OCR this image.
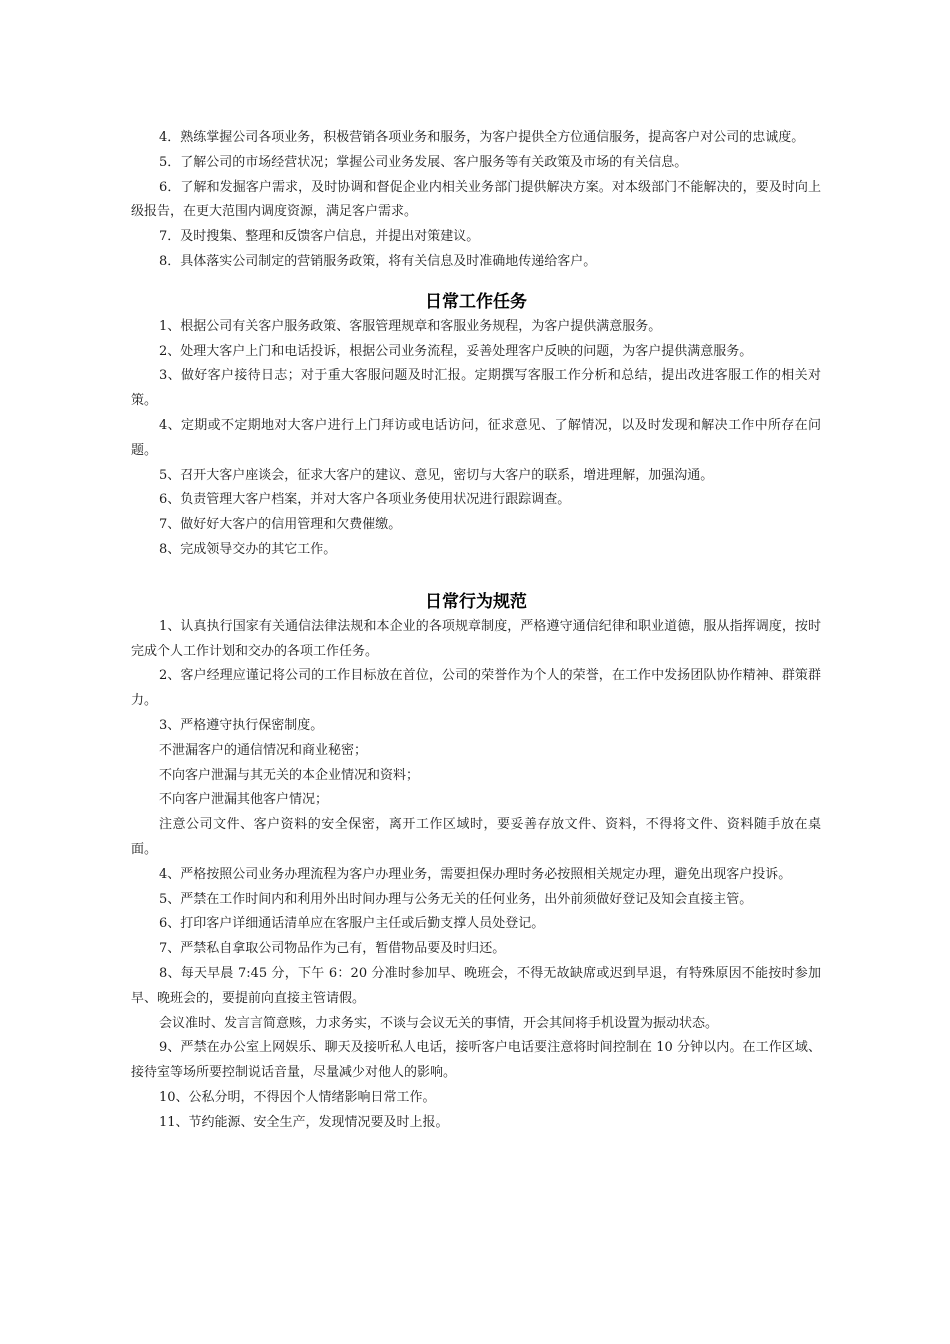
4．熟练掌握公司各项业务，积极营销各项业务和服务，为客户提供全方位通信服务，提高客户对公司的忠诚度。

5．了解公司的市场经营状况；掌握公司业务发展、客户服务等有关政策及市场的有关信息。

6．了解和发掘客户需求，及时协调和督促企业内相关业务部门提供解决方案。对本级部门不能解决的，要及时向上级报告，在更大范围内调度资源，满足客户需求。

7．及时搜集、整理和反馈客户信息，并提出对策建议。

8．具体落实公司制定的营销服务政策，将有关信息及时准确地传递给客户。

日常工作任务

1、根据公司有关客户服务政策、客服管理规章和客服业务规程，为客户提供满意服务。

2、处理大客户上门和电话投诉，根据公司业务流程，妥善处理客户反映的问题，为客户提供满意服务。

3、做好客户接待日志；对于重大客服问题及时汇报。定期撰写客服工作分析和总结，提出改进客服工作的相关对策。

4、定期或不定期地对大客户进行上门拜访或电话访问，征求意见、了解情况，以及时发现和解决工作中所存在问题。

5、召开大客户座谈会，征求大客户的建议、意见，密切与大客户的联系，增进理解，加强沟通。

6、负责管理大客户档案，并对大客户各项业务使用状况进行跟踪调查。

7、做好好大客户的信用管理和欠费催缴。

8、完成领导交办的其它工作。

日常行为规范

1、认真执行国家有关通信法律法规和本企业的各项规章制度，严格遵守通信纪律和职业道德，服从指挥调度，按时完成个人工作计划和交办的各项工作任务。

2、客户经理应谨记将公司的工作目标放在首位，公司的荣誉作为个人的荣誉，在工作中发扬团队协作精神、群策群力。

3、严格遵守执行保密制度。

不泄漏客户的通信情况和商业秘密；

不向客户泄漏与其无关的本企业情况和资料；

不向客户泄漏其他客户情况；

注意公司文件、客户资料的安全保密，离开工作区域时，要妥善存放文件、资料，不得将文件、资料随手放在桌面。

4、严格按照公司业务办理流程为客户办理业务，需要担保办理时务必按照相关规定办理，避免出现客户投诉。

5、严禁在工作时间内和利用外出时间办理与公务无关的任何业务，出外前须做好登记及知会直接主管。

6、打印客户详细通话清单应在客服户主任或后勤支撑人员处登记。

7、严禁私自拿取公司物品作为己有，暂借物品要及时归还。

8、每天早晨 7:45 分，下午 6：20 分准时参加早、晚班会，不得无故缺席或迟到早退，有特殊原因不能按时参加早、晚班会的，要提前向直接主管请假。

会议准时、发言言简意赅，力求务实，不谈与会议无关的事情，开会其间将手机设置为振动状态。

9、严禁在办公室上网娱乐、聊天及接听私人电话，接听客户电话要注意将时间控制在 10 分钟以内。在工作区域、接待室等场所要控制说话音量，尽量减少对他人的影响。

10、公私分明，不得因个人情绪影响日常工作。

11、节约能源、安全生产，发现情况要及时上报。
